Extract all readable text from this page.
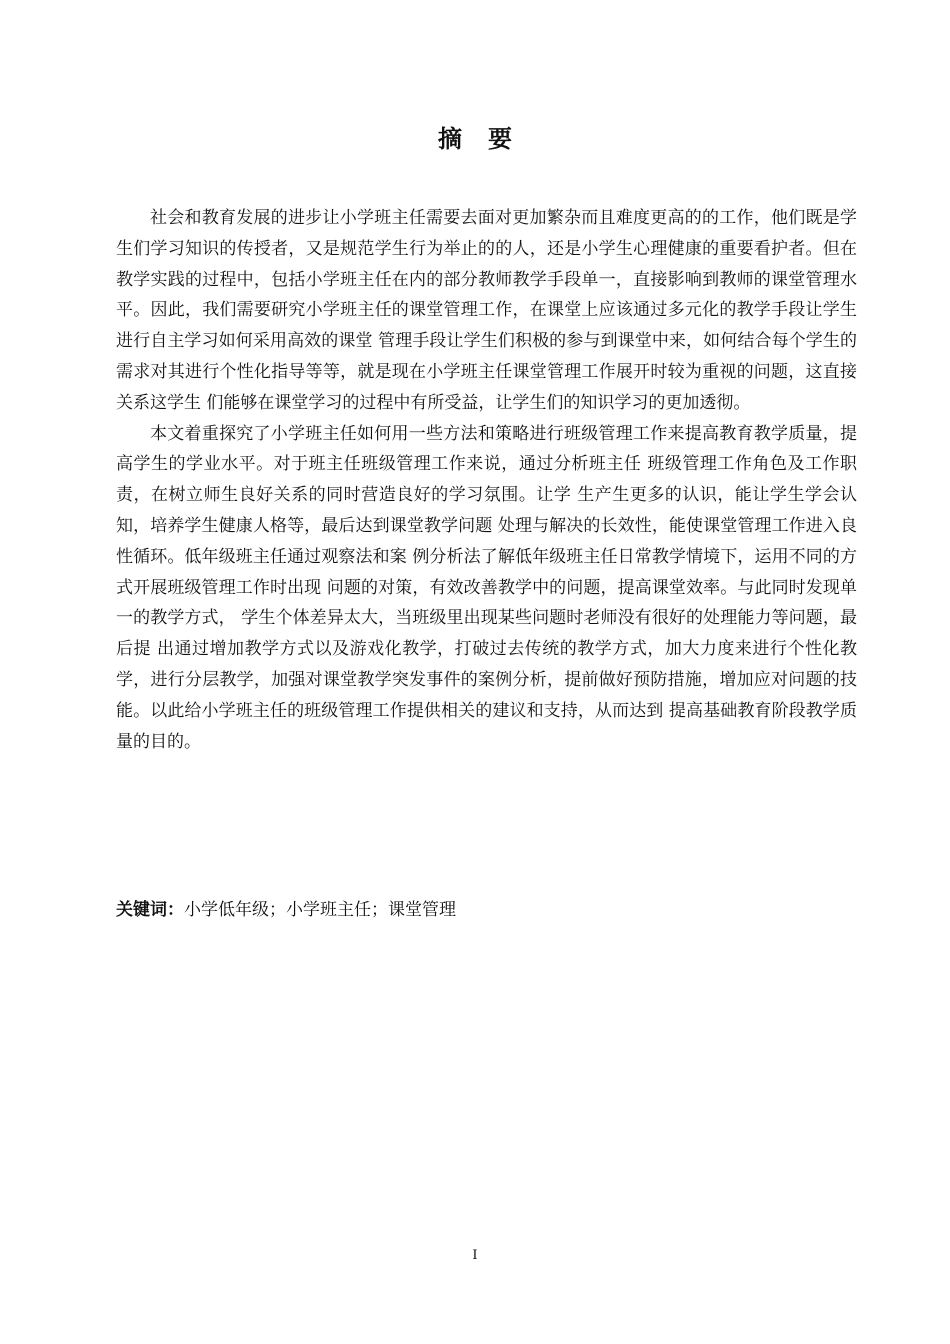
摘要

社会和教育发展的进步让小学班主任需要去面对更加繁杂而且难度更高的的工作，他们既是学生们学习知识的传授者，又是规范学生行为举止的的人，还是小学生心理健康的重要看护者。但在教学实践的过程中，包括小学班主任在内的部分教师教学手段单一，直接影响到教师的课堂管理水平。因此，我们需要研究小学班主任的课堂管理工作，在课堂上应该通过多元化的教学手段让学生进行自主学习如何采用高效的课堂 管理手段让学生们积极的参与到课堂中来，如何结合每个学生的需求对其进行个性化指导等等，就是现在小学班主任课堂管理工作展开时较为重视的问题，这直接关系这学生 们能够在课堂学习的过程中有所受益，让学生们的知识学习的更加透彻。

本文着重探究了小学班主任如何用一些方法和策略进行班级管理工作来提高教育教学质量，提高学生的学业水平。对于班主任班级管理工作来说，通过分析班主任 班级管理工作角色及工作职责，在树立师生良好关系的同时营造良好的学习氛围。让学 生产生更多的认识，能让学生学会认知，培养学生健康人格等，最后达到课堂教学问题 处理与解决的长效性，能使课堂管理工作进入良性循环。低年级班主任通过观察法和案 例分析法了解低年级班主任日常教学情境下，运用不同的方式开展班级管理工作时出现 问题的对策，有效改善教学中的问题，提高课堂效率。与此同时发现单一的教学方式， 学生个体差异太大，当班级里出现某些问题时老师没有很好的处理能力等问题，最后提 出通过增加教学方式以及游戏化教学，打破过去传统的教学方式，加大力度来进行个性化教学，进行分层教学，加强对课堂教学突发事件的案例分析，提前做好预防措施，增加应对问题的技能。以此给小学班主任的班级管理工作提供相关的建议和支持，从而达到 提高基础教育阶段教学质量的目的。

关键词：小学低年级；小学班主任；课堂管理
I
